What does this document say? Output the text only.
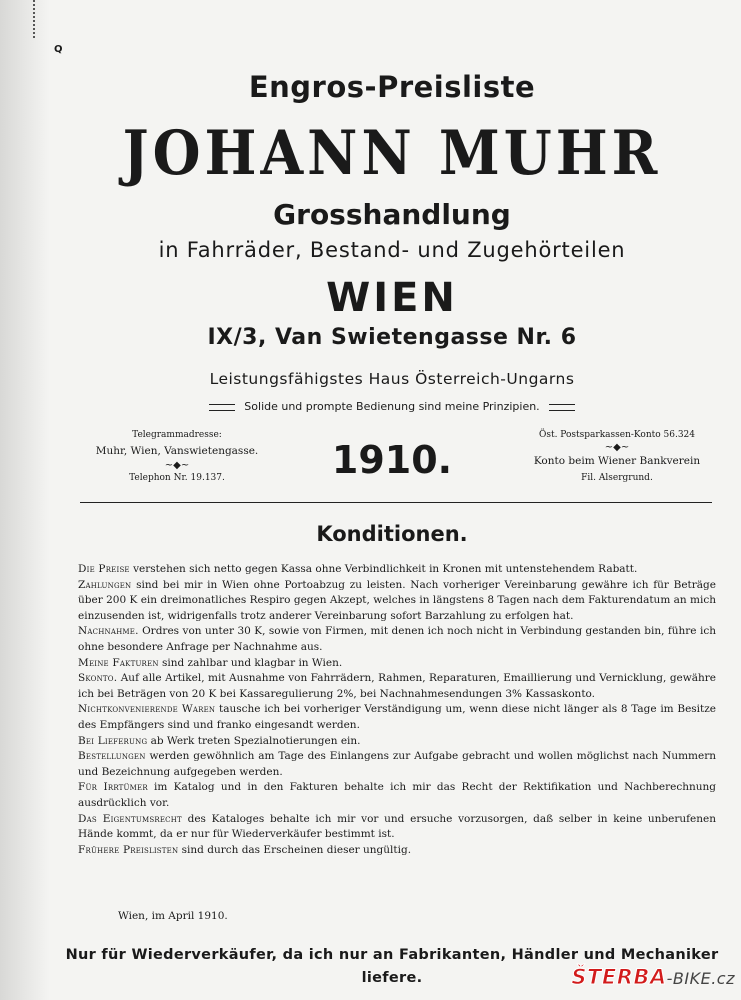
Q
Engros-Preisliste
JOHANN MUHR
Grosshandlung
in Fahrräder, Bestand- und Zugehörteilen
WIEN
IX/3, Van Swietengasse Nr. 6
Leistungsfähigstes Haus Österreich-Ungarns
Solide und prompte Bedienung sind meine Prinzipien.
Telegrammadresse:
Muhr, Wien, Vanswietengasse.
~◆~
Telephon Nr. 19.137.	1910.
Öst. Postsparkassen-Konto 56.324
~◆~
Konto beim Wiener Bankverein
Fil. Alsergrund.
Konditionen.

Die Preise verstehen sich netto gegen Kassa ohne Verbindlichkeit in Kronen mit untenstehendem Rabatt.

Zahlungen sind bei mir in Wien ohne Portoabzug zu leisten. Nach vorheriger Vereinbarung gewähre ich für Beträge über 200 K ein dreimonatliches Respiro gegen Akzept, welches in längstens 8 Tagen nach dem Fakturendatum an mich einzusenden ist, widrigenfalls trotz anderer Vereinbarung sofort Barzahlung zu erfolgen hat.

Nachnahme. Ordres von unter 30 K, sowie von Firmen, mit denen ich noch nicht in Verbindung gestanden bin, führe ich ohne besondere Anfrage per Nachnahme aus.

Meine Fakturen sind zahlbar und klagbar in Wien.

Skonto. Auf alle Artikel, mit Ausnahme von Fahrrädern, Rahmen, Reparaturen, Emaillierung und Vernicklung, gewähre ich bei Beträgen von 20 K bei Kassaregulierung 2%, bei Nachnahmesendungen 3% Kassaskonto.

Nichtkonvenierende Waren tausche ich bei vorheriger Verständigung um, wenn diese nicht länger als 8 Tage im Besitze des Empfängers sind und franko eingesandt werden.

Bei Lieferung ab Werk treten Spezialnotierungen ein.

Bestellungen werden gewöhnlich am Tage des Einlangens zur Aufgabe gebracht und wollen möglichst nach Nummern und Bezeichnung aufgegeben werden.

Für Irrtümer im Katalog und in den Fakturen behalte ich mir das Recht der Rektifikation und Nachberechnung ausdrücklich vor.

Das Eigentumsrecht des Kataloges behalte ich mir vor und ersuche vorzusorgen, daß selber in keine unberufenen Hände kommt, da er nur für Wiederverkäufer bestimmt ist.

Frühere Preislisten sind durch das Erscheinen dieser ungültig.

Wien, im April 1910.
Nur für Wiederverkäufer, da ich nur an Fabrikanten, Händler und Mechaniker liefere.	ŠTERBA-BIKE.cz
